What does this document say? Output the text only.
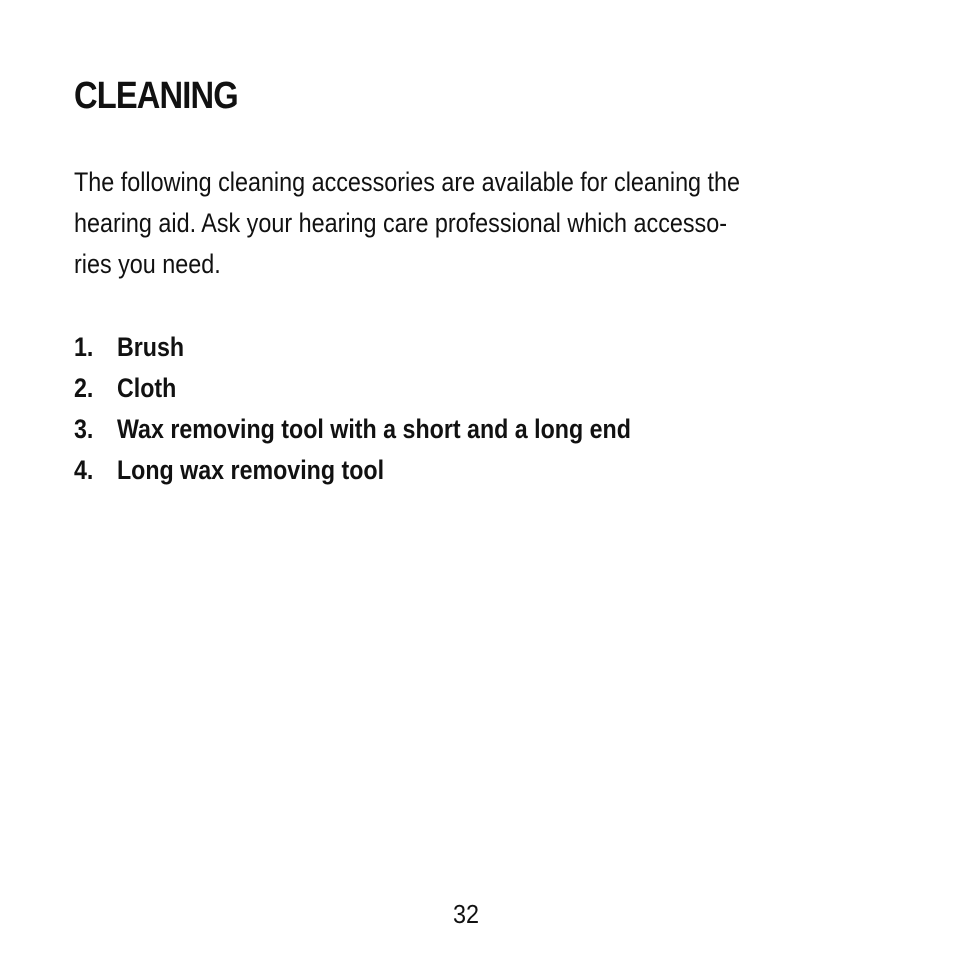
CLEANING

The following cleaning accessories are available for cleaning the
hearing aid. Ask your hearing care professional which accesso-
ries you need.

1. Brush
2. Cloth
3. Wax removing tool with a short and a long end
4. Long wax removing tool
32
